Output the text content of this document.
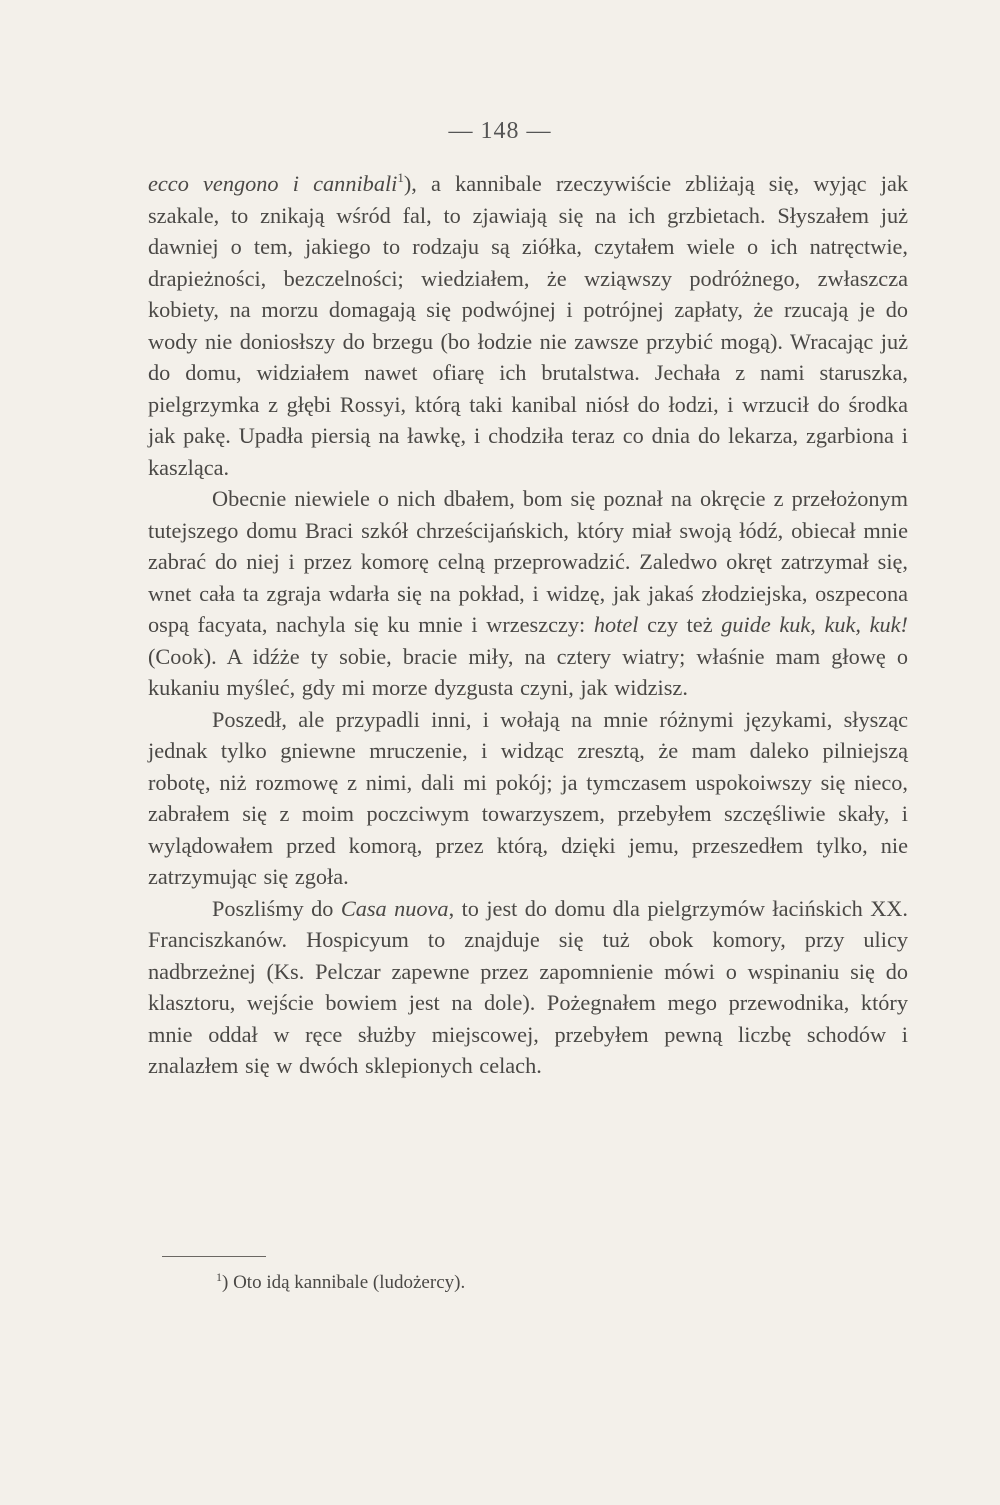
— 148 —

ecco vengono i cannibali$^1$), a kannibale rzeczywiście zbliżają się, wyjąc jak szakale, to znikają wśród fal, to zjawiają się na ich grzbietach. Słyszałem już dawniej o tem, jakiego to rodzaju są ziółka, czytałem wiele o ich natręctwie, drapieżności, bezczelności; wiedziałem, że wziąwszy podróżnego, zwłaszcza kobiety, na morzu domagają się podwójnej i potrójnej zapłaty, że rzucają je do wody nie doniosłszy do brzegu (bo łodzie nie zawsze przybić mogą). Wracając już do domu, widziałem nawet ofiarę ich brutalstwa. Jechała z nami staruszka, pielgrzymka z głębi Rossyi, którą taki kanibal niósł do łodzi, i wrzucił do środka jak pakę. Upadła piersią na ławkę, i chodziła teraz co dnia do lekarza, zgarbiona i kaszląca.

Obecnie niewiele o nich dbałem, bom się poznał na okręcie z przełożonym tutejszego domu Braci szkół chrześcijańskich, który miał swoją łódź, obiecał mnie zabrać do niej i przez komorę celną przeprowadzić. Zaledwo okręt zatrzymał się, wnet cała ta zgraja wdarła się na pokład, i widzę, jak jakaś złodziejska, oszpecona ospą facyata, nachyla się ku mnie i wrzeszczy: hotel czy też guide kuk, kuk, kuk! (Cook). A idźże ty sobie, bracie miły, na cztery wiatry; właśnie mam głowę o kukaniu myśleć, gdy mi morze dyzgusta czyni, jak widzisz.

Poszedł, ale przypadli inni, i wołają na mnie różnymi językami, słysząc jednak tylko gniewne mruczenie, i widząc zresztą, że mam daleko pilniejszą robotę, niż rozmowę z nimi, dali mi pokój; ja tymczasem uspokoiwszy się nieco, zabrałem się z moim poczciwym towarzyszem, przebyłem szczęśliwie skały, i wylądowałem przed komorą, przez którą, dzięki jemu, przeszedłem tylko, nie zatrzymując się zgoła.

Poszliśmy do Casa nuova, to jest do domu dla pielgrzymów łacińskich XX. Franciszkanów. Hospicyum to znajduje się tuż obok komory, przy ulicy nadbrzeżnej (Ks. Pelczar zapewne przez zapomnienie mówi o wspinaniu się do klasztoru, wejście bowiem jest na dole). Pożegnałem mego przewodnika, który mnie oddał w ręce służby miejscowej, przebyłem pewną liczbę schodów i znalazłem się w dwóch sklepionych celach.

$^1$) Oto idą kannibale (ludożercy).
